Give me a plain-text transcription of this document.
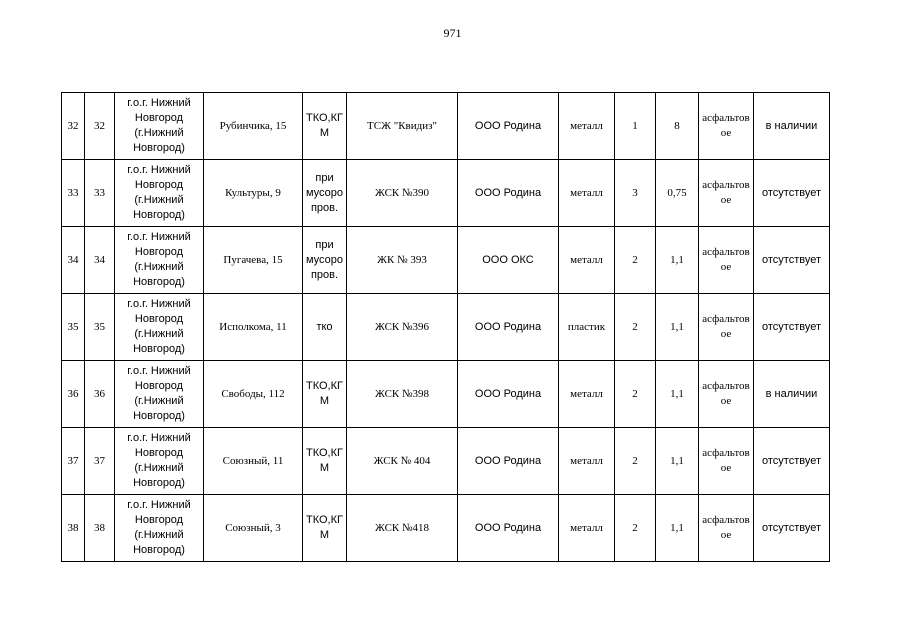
971
32	32	г.о.г. Нижний
Новгород
(г.Нижний
Новгород)	Рубинчика, 15	ТКО,КГ
М	ТСЖ "Квидиз"	ООО Родина	металл	1	8	асфальтов
ое	в наличии
33	33	г.о.г. Нижний
Новгород
(г.Нижний
Новгород)	Культуры, 9	при
мусоро
пров.	ЖСК №390	ООО Родина	металл	3	0,75	асфальтов
ое	отсутствует
34	34	г.о.г. Нижний
Новгород
(г.Нижний
Новгород)	Пугачева, 15	при
мусоро
пров.	ЖК № 393	ООО ОКС	металл	2	1,1	асфальтов
ое	отсутствует
35	35	г.о.г. Нижний
Новгород
(г.Нижний
Новгород)	Исполкома, 11	тко	ЖСК №396	ООО Родина	пластик	2	1,1	асфальтов
ое	отсутствует
36	36	г.о.г. Нижний
Новгород
(г.Нижний
Новгород)	Свободы, 112	ТКО,КГ
М	ЖСК №398	ООО Родина	металл	2	1,1	асфальтов
ое	в наличии
37	37	г.о.г. Нижний
Новгород
(г.Нижний
Новгород)	Союзный, 11	ТКО,КГ
М	ЖСК № 404	ООО Родина	металл	2	1,1	асфальтов
ое	отсутствует
38	38	г.о.г. Нижний
Новгород
(г.Нижний
Новгород)	Союзный, 3	ТКО,КГ
М	ЖСК №418	ООО Родина	металл	2	1,1	асфальтов
ое	отсутствует
